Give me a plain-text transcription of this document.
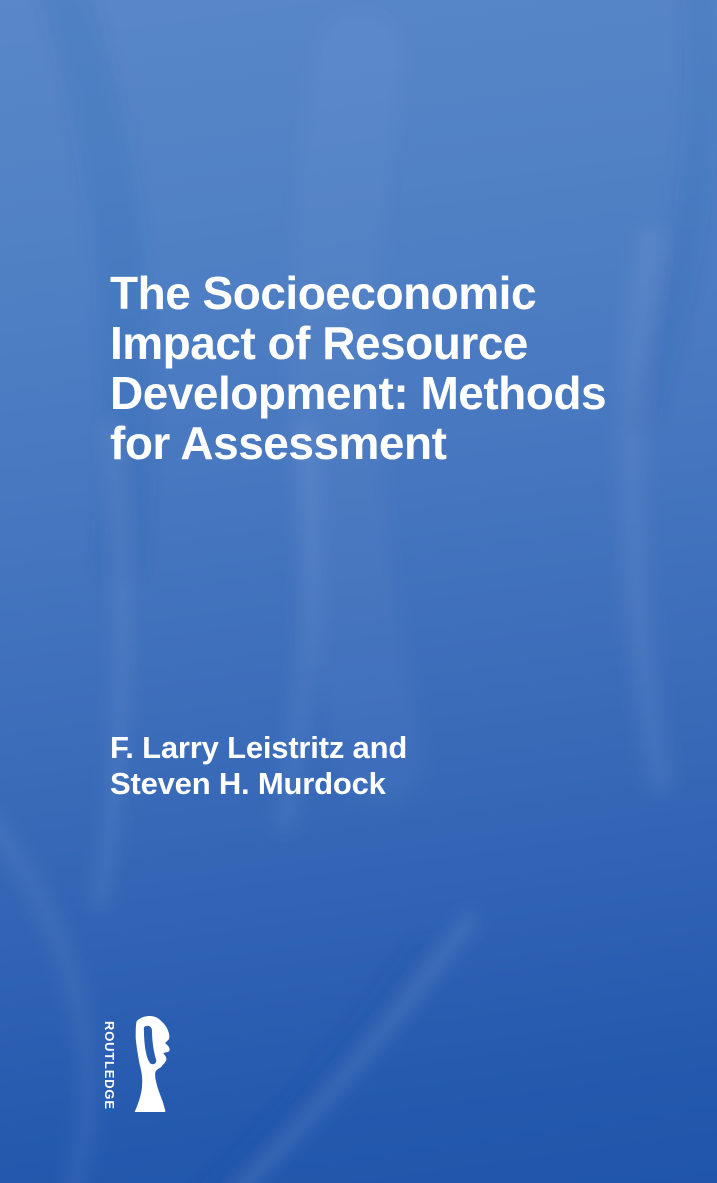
The Socioeconomic
Impact of Resource
Development: Methods
for Assessment
F. Larry Leistritz and
Steven H. Murdock
ROUTLEDGE
